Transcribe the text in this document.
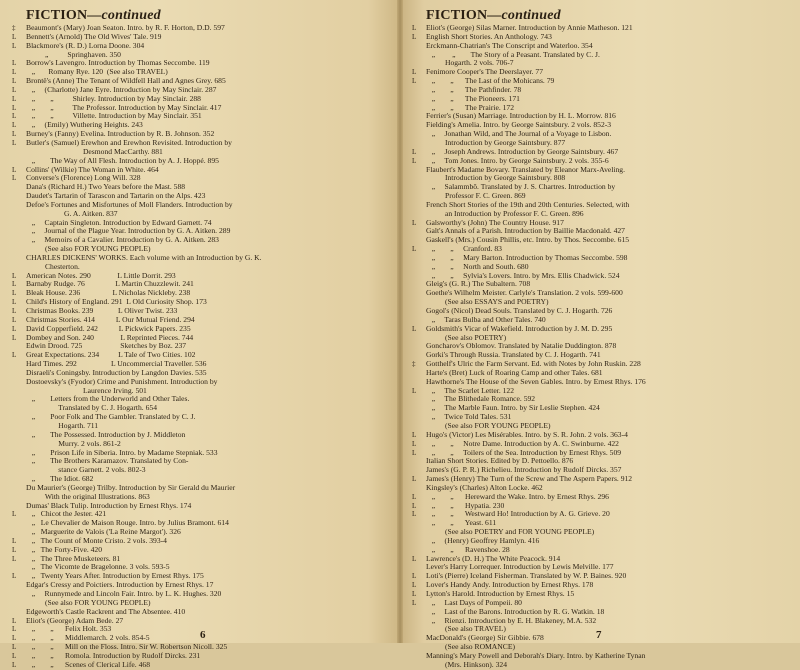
FICTION—continued
‡	Beaumont's (Mary) Joan Seaton. Intro. by R. F. Horton, D.D. 597
L	Bennett's (Arnold) The Old Wives' Tale. 919
L	Blackmore's (R. D.) Lorna Doone. 304
„          Springhaven. 350
L	Borrow's Lavengro. Introduction by Thomas Seccombe. 119
L	„       Romany Rye. 120  (See also TRAVEL)
L	Brontë's (Anne) The Tenant of Wildfell Hall and Agnes Grey. 685
L	„     (Charlotte) Jane Eyre. Introduction by May Sinclair. 287
L	„        „          Shirley. Introduction by May Sinclair. 288
L	„        „          The Professor. Introduction by May Sinclair. 417
L	„        „          Villette. Introduction by May Sinclair. 351
L	„     (Emily) Wuthering Heights. 243
L	Burney's (Fanny) Evelina. Introduction by R. B. Johnson. 352
L	Butler's (Samuel) Erewhon and Erewhon Revisited. Introduction by
Desmond MacCarthy. 881
„        The Way of All Flesh. Introduction by A. J. Hoppé. 895
L	Collins' (Wilkie) The Woman in White. 464
L	Converse's (Florence) Long Will. 328
Dana's (Richard H.) Two Years before the Mast. 588
Daudet's Tartarin of Tarascon and Tartarin on the Alps. 423
Defoe's Fortunes and Misfortunes of Moll Flanders. Introduction by
G. A. Aitken. 837
„     Captain Singleton. Introduction by Edward Garnett. 74
„     Journal of the Plague Year. Introduction by G. A. Aitken. 289
„     Memoirs of a Cavalier. Introduction by G. A. Aitken. 283
(See also FOR YOUNG PEOPLE)
CHARLES DICKENS' WORKS. Each volume with an Introduction by G. K.
Chesterton.
L	American Notes. 290              L Little Dorrit. 293
L	Barnaby Rudge. 76                L Martin Chuzzlewit. 241
L	Bleak House. 236                 L Nicholas Nickleby. 238
L	Child's History of England. 291  L Old Curiosity Shop. 173
L	Christmas Books. 239             L Oliver Twist. 233
L	Christmas Stories. 414           L Our Mutual Friend. 294
L	David Copperfield. 242           L Pickwick Papers. 235
L	Dombey and Son. 240              L Reprinted Pieces. 744
Edwin Drood. 725                    Sketches by Boz. 237
L	Great Expectations. 234          L Tale of Two Cities. 102
Hard Times. 292                  L Uncommercial Traveller. 536
Disraeli's Coningsby. Introduction by Langdon Davies. 535
Dostoevsky's (Fyodor) Crime and Punishment. Introduction by
Laurence Irving. 501
„        Letters from the Underworld and Other Tales.
Translated by C. J. Hogarth. 654
„        Poor Folk and The Gambler. Translated by C. J.
Hogarth. 711
„        The Possessed. Introduction by J. Middleton
Murry. 2 vols. 861-2
„        Prison Life in Siberia. Intro. by Madame Stepniak. 533
„        The Brothers Karamazov. Translated by Con-
stance Garnett. 2 vols. 802-3
„        The Idiot. 682
Du Maurier's (George) Trilby. Introduction by Sir Gerald du Maurier
With the original Illustrations. 863
Dumas' Black Tulip. Introduction by Ernest Rhys. 174
L	„   Chicot the Jester. 421
„   Le Chevalier de Maison Rouge. Intro. by Julius Bramont. 614
„   Marguerite de Valois ('La Reine Margot'). 326
L	„   The Count of Monte Cristo. 2 vols. 393-4
L	„   The Forty-Five. 420
L	„   The Three Musketeers. 81
„   The Vicomte de Bragelonne. 3 vols. 593-5
L	„   Twenty Years After. Introduction by Ernest Rhys. 175
Edgar's Cressy and Poictiers. Introduction by Ernest Rhys. 17
„     Runnymede and Lincoln Fair. Intro. by L. K. Hughes. 320
(See also FOR YOUNG PEOPLE)
Edgeworth's Castle Rackrent and The Absentee. 410
L	Eliot's (George) Adam Bede. 27
L	„        „      Felix Holt. 353
L	„        „      Middlemarch. 2 vols. 854-5
L	„        „      Mill on the Floss. Intro. Sir W. Robertson Nicoll. 325
L	„        „      Romola. Introduction by Rudolf Dircks. 231
L	„        „      Scenes of Clerical Life. 468
6
FICTION—continued
L	Eliot's (George) Silas Marner. Introduction by Annie Matheson. 121
L	English Short Stories. An Anthology. 743
Erckmann-Chatrian's The Conscript and Waterloo. 354
„         „        The Story of a Peasant. Translated by C. J.
Hogarth. 2 vols. 706-7
L	Fenimore Cooper's The Deerslayer. 77
L	„        „      The Last of the Mohicans. 79
„        „      The Pathfinder. 78
„        „      The Pioneers. 171
„        „      The Prairie. 172
Ferrier's (Susan) Marriage. Introduction by H. L. Morrow. 816
Fielding's Amelia. Intro. by George Saintsbury. 2 vols. 852-3
„     Jonathan Wild, and The Journal of a Voyage to Lisbon.
Introduction by George Saintsbury. 877
L	„     Joseph Andrews. Introduction by George Saintsbury. 467
L	„     Tom Jones. Intro. by George Saintsbury. 2 vols. 355-6
Flaubert's Madame Bovary. Translated by Eleanor Marx-Aveling.
Introduction by George Saintsbury. 808
„     Salammbô. Translated by J. S. Chartres. Introduction by
Professor F. C. Green. 869
French Short Stories of the 19th and 20th Centuries. Selected, with
an Introduction by Professor F. C. Green. 896
L	Galsworthy's (John) The Country House. 917
Galt's Annals of a Parish. Introduction by Baillie Macdonald. 427
Gaskell's (Mrs.) Cousin Phillis, etc. Intro. by Thos. Seccombe. 615
L	„        „     Cranford. 83
„        „     Mary Barton. Introduction by Thomas Seccombe. 598
„        „     North and South. 680
„        „     Sylvia's Lovers. Intro. by Mrs. Ellis Chadwick. 524
Gleig's (G. R.) The Subaltern. 708
Goethe's Wilhelm Meister. Carlyle's Translation. 2 vols. 599-600
(See also ESSAYS and POETRY)
Gogol's (Nicol) Dead Souls. Translated by C. J. Hogarth. 726
„     Taras Bulba and Other Tales. 740
L	Goldsmith's Vicar of Wakefield. Introduction by J. M. D. 295
(See also POETRY)
Goncharov's Oblomov. Translated by Natalie Duddington. 878
Gorki's Through Russia. Translated by C. J. Hogarth. 741
‡	Gotthelf's Ulric the Farm Servant. Ed. with Notes by John Ruskin. 228
Harte's (Bret) Luck of Roaring Camp and other Tales. 681
Hawthorne's The House of the Seven Gables. Intro. by Ernest Rhys. 176
L	„     The Scarlet Letter. 122
„     The Blithedale Romance. 592
„     The Marble Faun. Intro. by Sir Leslie Stephen. 424
„     Twice Told Tales. 531
(See also FOR YOUNG PEOPLE)
L	Hugo's (Victor) Les Misérables. Intro. by S. R. John. 2 vols. 363-4
L	„        „     Notre Dame. Introduction by A. C. Swinburne. 422
L	„        „     Toilers of the Sea. Introduction by Ernest Rhys. 509
Italian Short Stories. Edited by D. Pettoello. 876
James's (G. P. R.) Richelieu. Introduction by Rudolf Dircks. 357
L	James's (Henry) The Turn of the Screw and The Aspern Papers. 912
Kingsley's (Charles) Alton Locke. 462
L	„        „      Hereward the Wake. Intro. by Ernest Rhys. 296
L	„        „      Hypatia. 230
L	„        „      Westward Ho! Introduction by A. G. Grieve. 20
„        „      Yeast. 611
(See also POETRY and FOR YOUNG PEOPLE)
„     (Henry) Geoffrey Hamlyn. 416
„        „      Ravenshoe. 28
L	Lawrence's (D. H.) The White Peacock. 914
Lever's Harry Lorrequer. Introduction by Lewis Melville. 177
L	Loti's (Pierre) Iceland Fisherman. Translated by W. P. Baines. 920
L	Lover's Handy Andy. Introduction by Ernest Rhys. 178
L	Lytton's Harold. Introduction by Ernest Rhys. 15
L	„     Last Days of Pompeii. 80
„     Last of the Barons. Introduction by R. G. Watkin. 18
„     Rienzi. Introduction by E. H. Blakeney, M.A. 532
(See also TRAVEL)
MacDonald's (George) Sir Gibbie. 678
(See also ROMANCE)
Manning's Mary Powell and Deborah's Diary. Intro. by Katherine Tynan
(Mrs. Hinkson). 324
7
